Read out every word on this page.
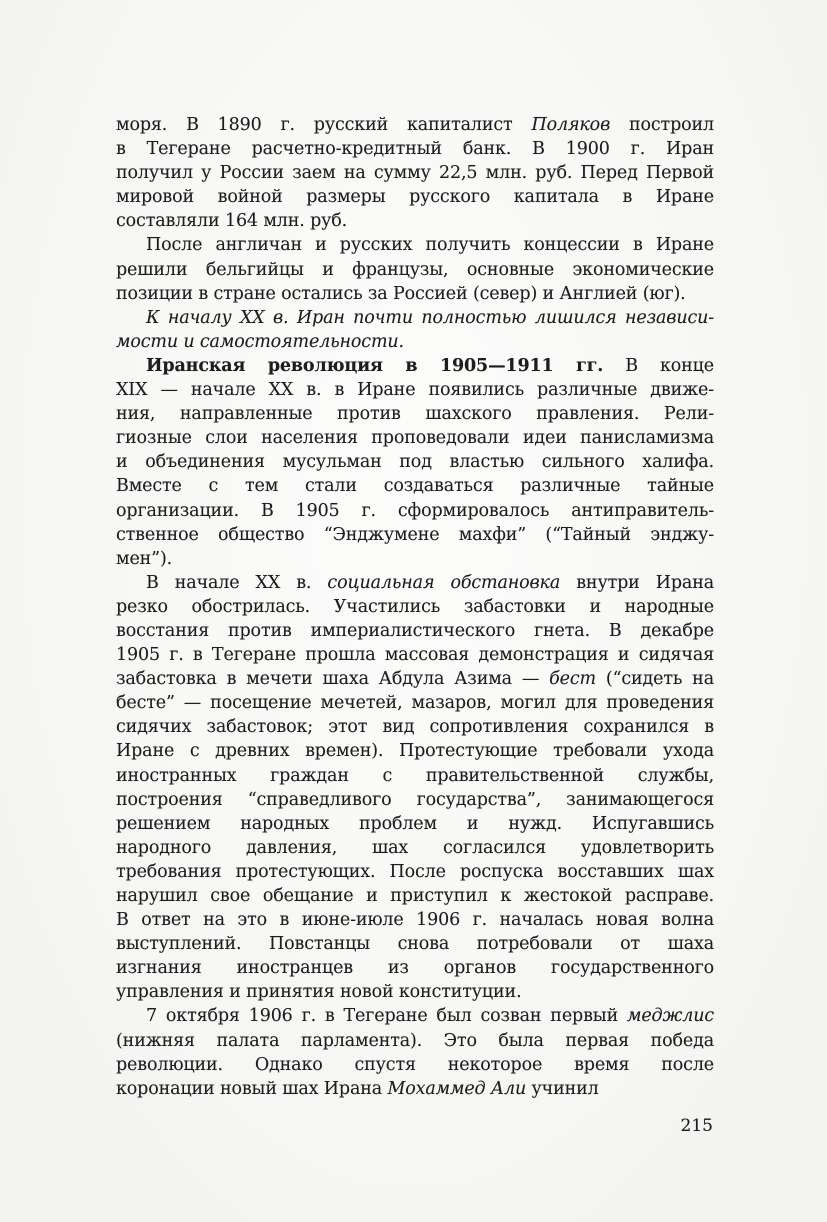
моря. В 1890 г. русский капиталист Поляков построил
в Тегеране расчетно-кредитный банк. В 1900 г. Иран
получил у России заем на сумму 22,5 млн. руб. Перед Первой
мировой войной размеры русского капитала в Иране
составляли 164 млн. руб.
После англичан и русских получить концессии в Иране
решили бельгийцы и французы, основные экономические
позиции в стране остались за Россией (север) и Англией (юг).
К началу XX в. Иран почти полностью лишился независи-
мости и самостоятельности.
Иранская революция в 1905—1911 гг. В конце
XIX — начале XX в. в Иране появились различные движе-
ния, направленные против шахского правления. Рели-
гиозные слои населения проповедовали идеи панисламизма
и объединения мусульман под властью сильного халифа.
Вместе с тем стали создаваться различные тайные
организации. В 1905 г. сформировалось антиправитель-
ственное общество “Энджумене махфи” (“Тайный энджу-
мен”).
В начале XX в. социальная обстановка внутри Ирана
резко обострилась. Участились забастовки и народные
восстания против империалистического гнета. В декабре
1905 г. в Тегеране прошла массовая демонстрация и сидячая
забастовка в мечети шаха Абдула Азима — бест (“сидеть на
бесте” — посещение мечетей, мазаров, могил для проведения
сидячих забастовок; этот вид сопротивления сохранился в
Иране с древних времен). Протестующие требовали ухода
иностранных граждан с правительственной службы,
построения “справедливого государства”, занимающегося
решением народных проблем и нужд. Испугавшись
народного давления, шах согласился удовлетворить
требования протестующих. После роспуска восставших шах
нарушил свое обещание и приступил к жестокой расправе.
В ответ на это в июне-июле 1906 г. началась новая волна
выступлений. Повстанцы снова потребовали от шаха
изгнания иностранцев из органов государственного
управления и принятия новой конституции.
7 октября 1906 г. в Тегеране был созван первый меджлис
(нижняя палата парламента). Это была первая победа
революции. Однако спустя некоторое время после
коронации новый шах Ирана Мохаммед Али учинил
215
